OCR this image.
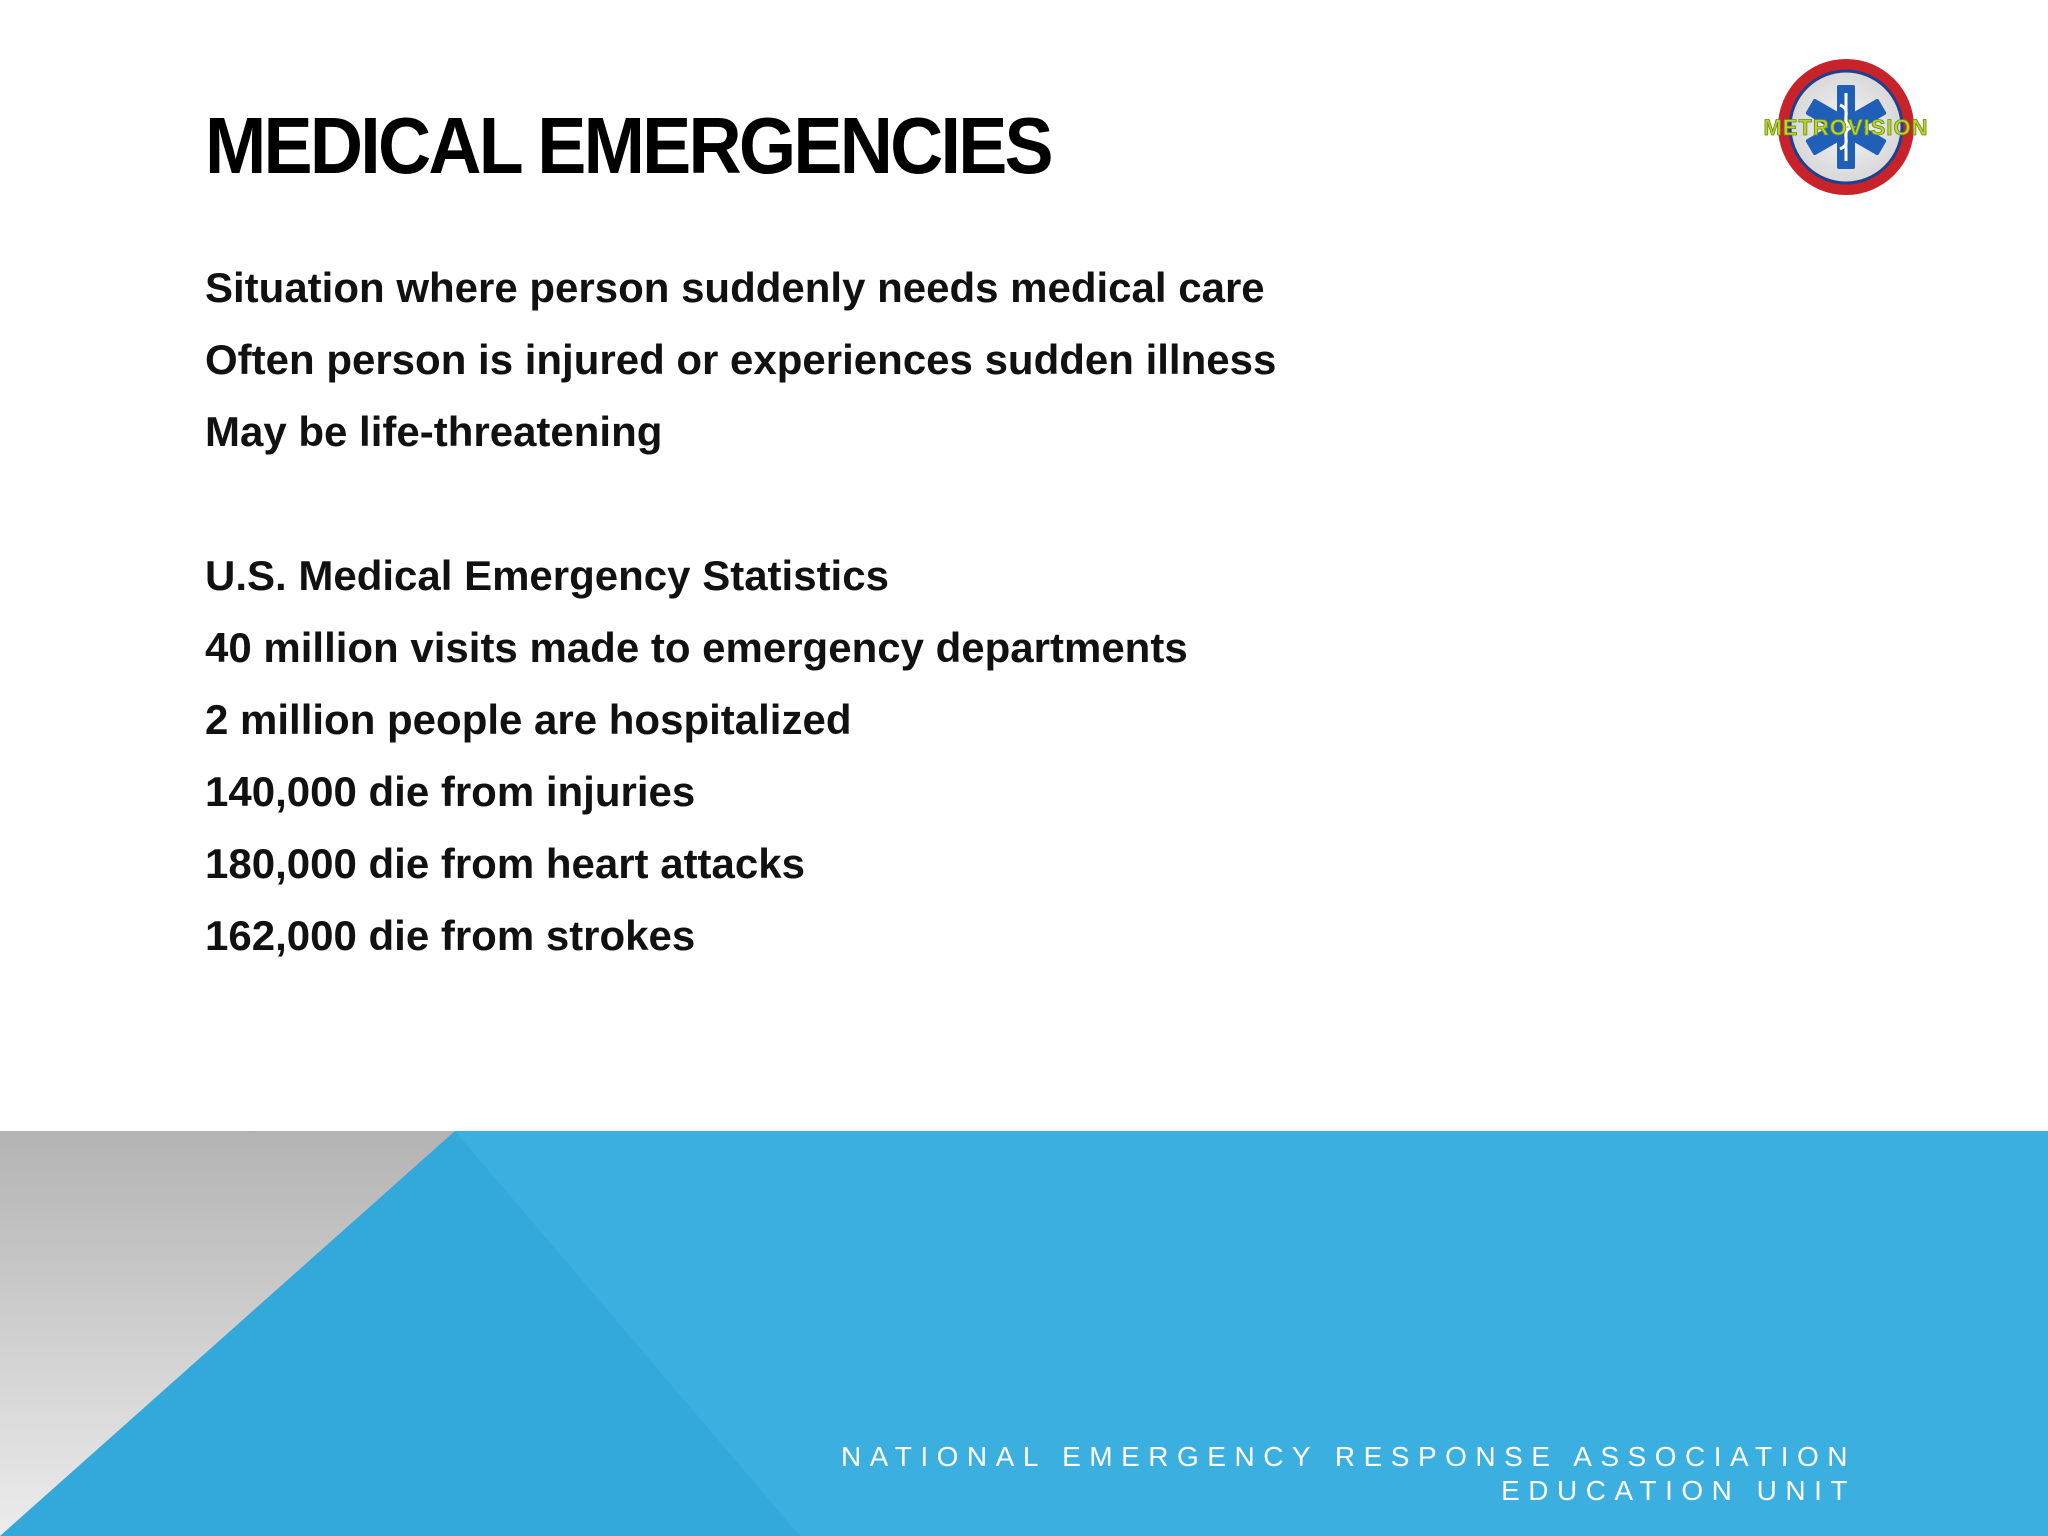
MEDICAL EMERGENCIES	METROVISION
Situation where person suddenly needs medical care
Often person is injured or experiences sudden illness
May be life-threatening
U.S. Medical Emergency Statistics
40 million visits made to emergency departments
2 million people are hospitalized
140,000 die from injuries
180,000 die from heart attacks
162,000 die from strokes
NATIONAL EMERGENCY RESPONSE ASSOCIATION
EDUCATION UNIT
